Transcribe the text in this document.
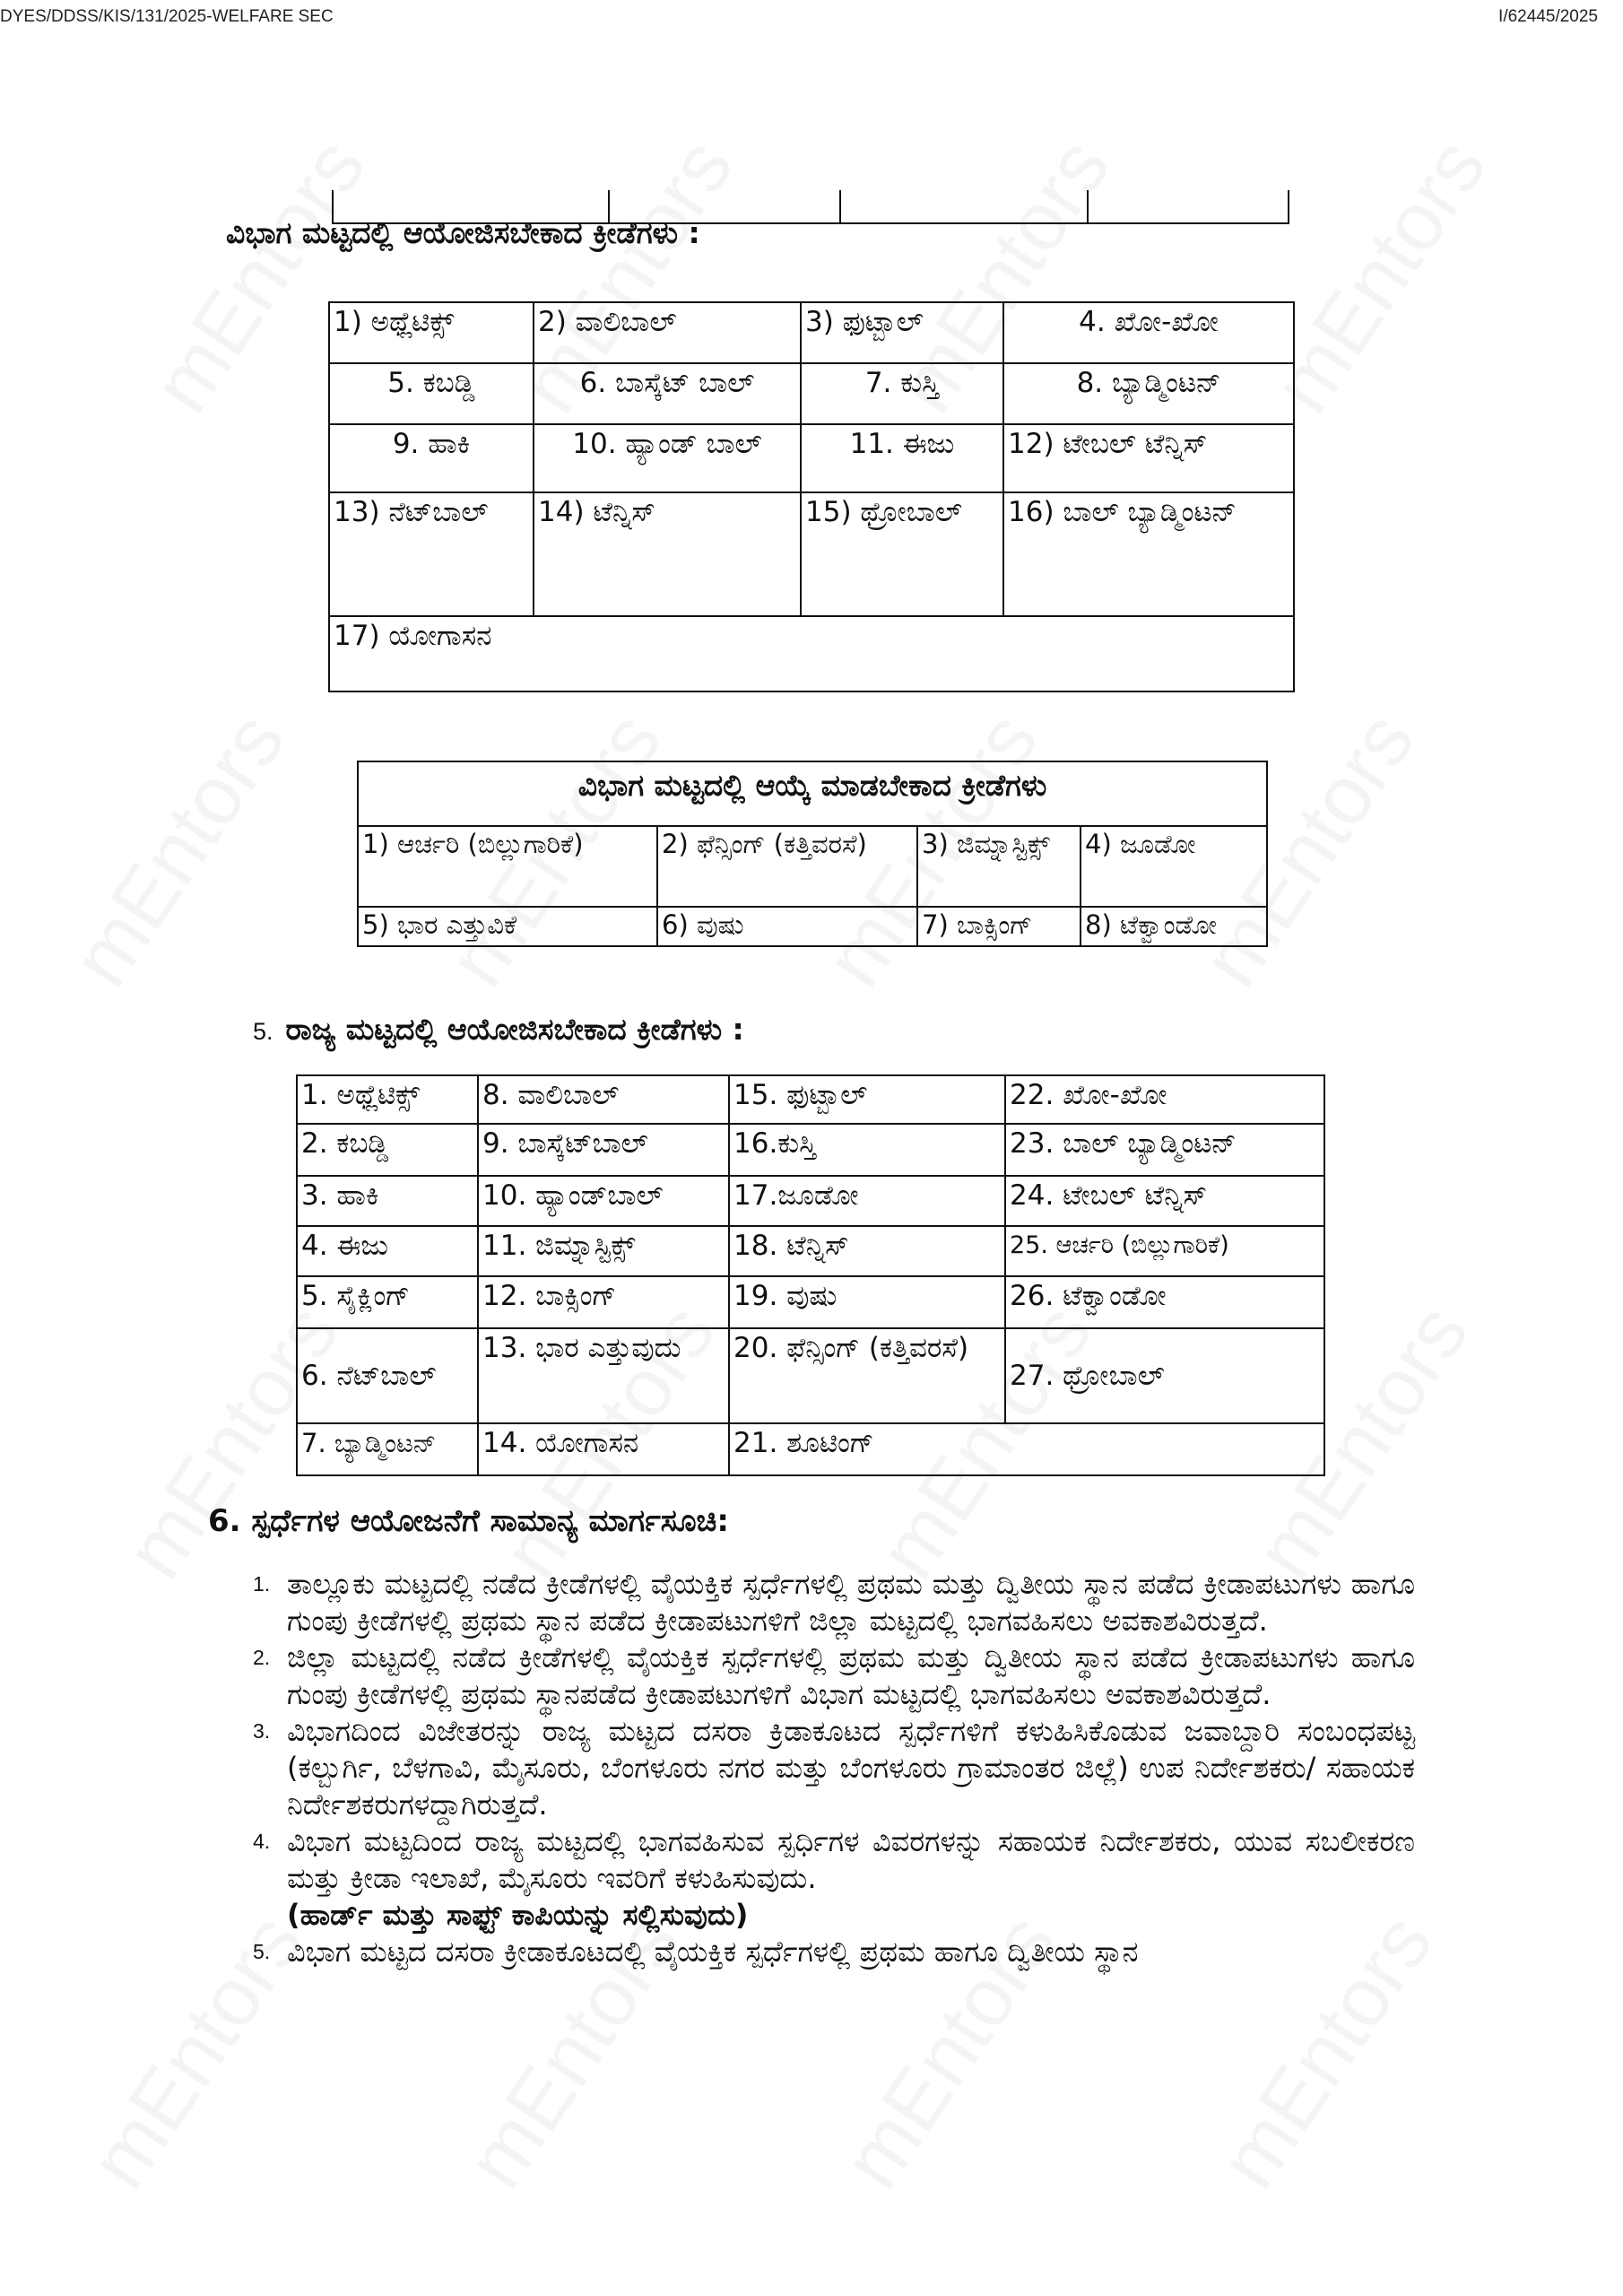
DYES/DDSS/KIS/131/2025-WELFARE SEC	I/62445/2025
ವಿಭಾಗ ಮಟ್ಟದಲ್ಲಿ ಆಯೋಜಿಸಬೇಕಾದ ಕ್ರೀಡೆಗಳು :
1) ಅಥ್ಲೆಟಿಕ್ಸ್	2) ವಾಲಿಬಾಲ್	3) ಫುಟ್ಬಾಲ್	4. ಖೋ-ಖೋ
5. ಕಬಡ್ಡಿ	6. ಬಾಸ್ಕೆಟ್ ಬಾಲ್	7. ಕುಸ್ತಿ	8. ಬ್ಯಾಡ್ಮಿಂಟನ್
9. ಹಾಕಿ	10. ಹ್ಯಾಂಡ್ ಬಾಲ್	11. ಈಜು	12) ಟೇಬಲ್ ಟೆನ್ನಿಸ್
13) ನೆಟ್‌ಬಾಲ್	14) ಟೆನ್ನಿಸ್	15) ಥ್ರೋಬಾಲ್	16) ಬಾಲ್ ಬ್ಯಾಡ್ಮಿಂಟನ್
17) ಯೋಗಾಸನ			
ವಿಭಾಗ ಮಟ್ಟದಲ್ಲಿ ಆಯ್ಕೆ ಮಾಡಬೇಕಾದ ಕ್ರೀಡೆಗಳು			
1) ಆರ್ಚರಿ (ಬಿಲ್ಲುಗಾರಿಕೆ)	2) ಫೆನ್ಸಿಂಗ್ (ಕತ್ತಿವರಸೆ)	3) ಜಿಮ್ನಾಸ್ಟಿಕ್ಸ್	4) ಜೂಡೋ
5) ಭಾರ ಎತ್ತುವಿಕೆ	6) ವುಷು	7) ಬಾಕ್ಸಿಂಗ್	8) ಟೆಕ್ವಾಂಡೋ
5. ರಾಜ್ಯ ಮಟ್ಟದಲ್ಲಿ ಆಯೋಜಿಸಬೇಕಾದ ಕ್ರೀಡೆಗಳು :
1. ಅಥ್ಲೆಟಿಕ್ಸ್	8. ವಾಲಿಬಾಲ್	15. ಫುಟ್ಬಾಲ್	22. ಖೋ-ಖೋ
2. ಕಬಡ್ಡಿ	9. ಬಾಸ್ಕೆಟ್‌ಬಾಲ್	16.ಕುಸ್ತಿ	23. ಬಾಲ್ ಬ್ಯಾಡ್ಮಿಂಟನ್
3. ಹಾಕಿ	10. ಹ್ಯಾಂಡ್‌ಬಾಲ್	17.ಜೂಡೋ	24. ಟೇಬಲ್ ಟೆನ್ನಿಸ್
4. ಈಜು	11. ಜಿಮ್ನಾಸ್ಟಿಕ್ಸ್	18. ಟೆನ್ನಿಸ್	25. ಆರ್ಚರಿ (ಬಿಲ್ಲುಗಾರಿಕೆ)
5. ಸೈಕ್ಲಿಂಗ್	12. ಬಾಕ್ಸಿಂಗ್	19. ವುಷು	26. ಟೆಕ್ವಾಂಡೋ
6. ನೆಟ್‌ಬಾಲ್	13. ಭಾರ ಎತ್ತುವುದು	20. ಫೆನ್ಸಿಂಗ್ (ಕತ್ತಿವರಸೆ)	27. ಥ್ರೋಬಾಲ್
7. ಬ್ಯಾಡ್ಮಿಂಟನ್	14. ಯೋಗಾಸನ	21. ಶೂಟಿಂಗ್	
6. ಸ್ಪರ್ಧೆಗಳ ಆಯೋಜನೆಗೆ ಸಾಮಾನ್ಯ ಮಾರ್ಗಸೂಚಿ:
1. ತಾಲ್ಲೂಕು ಮಟ್ಟದಲ್ಲಿ ನಡೆದ ಕ್ರೀಡೆಗಳಲ್ಲಿ ವೈಯಕ್ತಿಕ ಸ್ಪರ್ಧೆಗಳಲ್ಲಿ ಪ್ರಥಮ ಮತ್ತು ದ್ವಿತೀಯ ಸ್ಥಾನ ಪಡೆದ ಕ್ರೀಡಾಪಟುಗಳು ಹಾಗೂ ಗುಂಪು ಕ್ರೀಡೆಗಳಲ್ಲಿ ಪ್ರಥಮ ಸ್ಥಾನ ಪಡೆದ ಕ್ರೀಡಾಪಟುಗಳಿಗೆ ಜಿಲ್ಲಾ ಮಟ್ಟದಲ್ಲಿ ಭಾಗವಹಿಸಲು ಅವಕಾಶವಿರುತ್ತದೆ.
2. ಜಿಲ್ಲಾ ಮಟ್ಟದಲ್ಲಿ ನಡೆದ ಕ್ರೀಡೆಗಳಲ್ಲಿ ವೈಯಕ್ತಿಕ ಸ್ಪರ್ಧೆಗಳಲ್ಲಿ ಪ್ರಥಮ ಮತ್ತು ದ್ವಿತೀಯ ಸ್ಥಾನ ಪಡೆದ ಕ್ರೀಡಾಪಟುಗಳು ಹಾಗೂ ಗುಂಪು ಕ್ರೀಡೆಗಳಲ್ಲಿ ಪ್ರಥಮ ಸ್ಥಾನಪಡೆದ ಕ್ರೀಡಾಪಟುಗಳಿಗೆ ವಿಭಾಗ ಮಟ್ಟದಲ್ಲಿ ಭಾಗವಹಿಸಲು ಅವಕಾಶವಿರುತ್ತದೆ.
3. ವಿಭಾಗದಿಂದ ವಿಜೇತರನ್ನು ರಾಜ್ಯ ಮಟ್ಟದ ದಸರಾ ಕ್ರಿಡಾಕೂಟದ ಸ್ಪರ್ಧೆಗಳಿಗೆ ಕಳುಹಿಸಿಕೊಡುವ ಜವಾಬ್ದಾರಿ ಸಂಬಂಧಪಟ್ಟ (ಕಲ್ಬುರ್ಗಿ, ಬೆಳಗಾವಿ, ಮೈಸೂರು, ಬೆಂಗಳೂರು ನಗರ ಮತ್ತು ಬೆಂಗಳೂರು ಗ್ರಾಮಾಂತರ ಜಿಲ್ಲೆ) ಉಪ ನಿರ್ದೇಶಕರು/ ಸಹಾಯಕ ನಿರ್ದೇಶಕರುಗಳದ್ದಾಗಿರುತ್ತದೆ.
4. ವಿಭಾಗ ಮಟ್ಟದಿಂದ ರಾಜ್ಯ ಮಟ್ಟದಲ್ಲಿ ಭಾಗವಹಿಸುವ ಸ್ಪರ್ಧಿಗಳ ವಿವರಗಳನ್ನು ಸಹಾಯಕ ನಿರ್ದೇಶಕರು, ಯುವ ಸಬಲೀಕರಣ ಮತ್ತು ಕ್ರೀಡಾ ಇಲಾಖೆ, ಮೈಸೂರು ಇವರಿಗೆ ಕಳುಹಿಸುವುದು.
(ಹಾರ್ಡ್ ಮತ್ತು ಸಾಫ್ಟ್ ಕಾಪಿಯನ್ನು ಸಲ್ಲಿಸುವುದು)
5. ವಿಭಾಗ ಮಟ್ಟದ ದಸರಾ ಕ್ರೀಡಾಕೂಟದಲ್ಲಿ ವೈಯಕ್ತಿಕ ಸ್ಪರ್ಧೆಗಳಲ್ಲಿ ಪ್ರಥಮ ಹಾಗೂ ದ್ವಿತೀಯ ಸ್ಥಾನ
